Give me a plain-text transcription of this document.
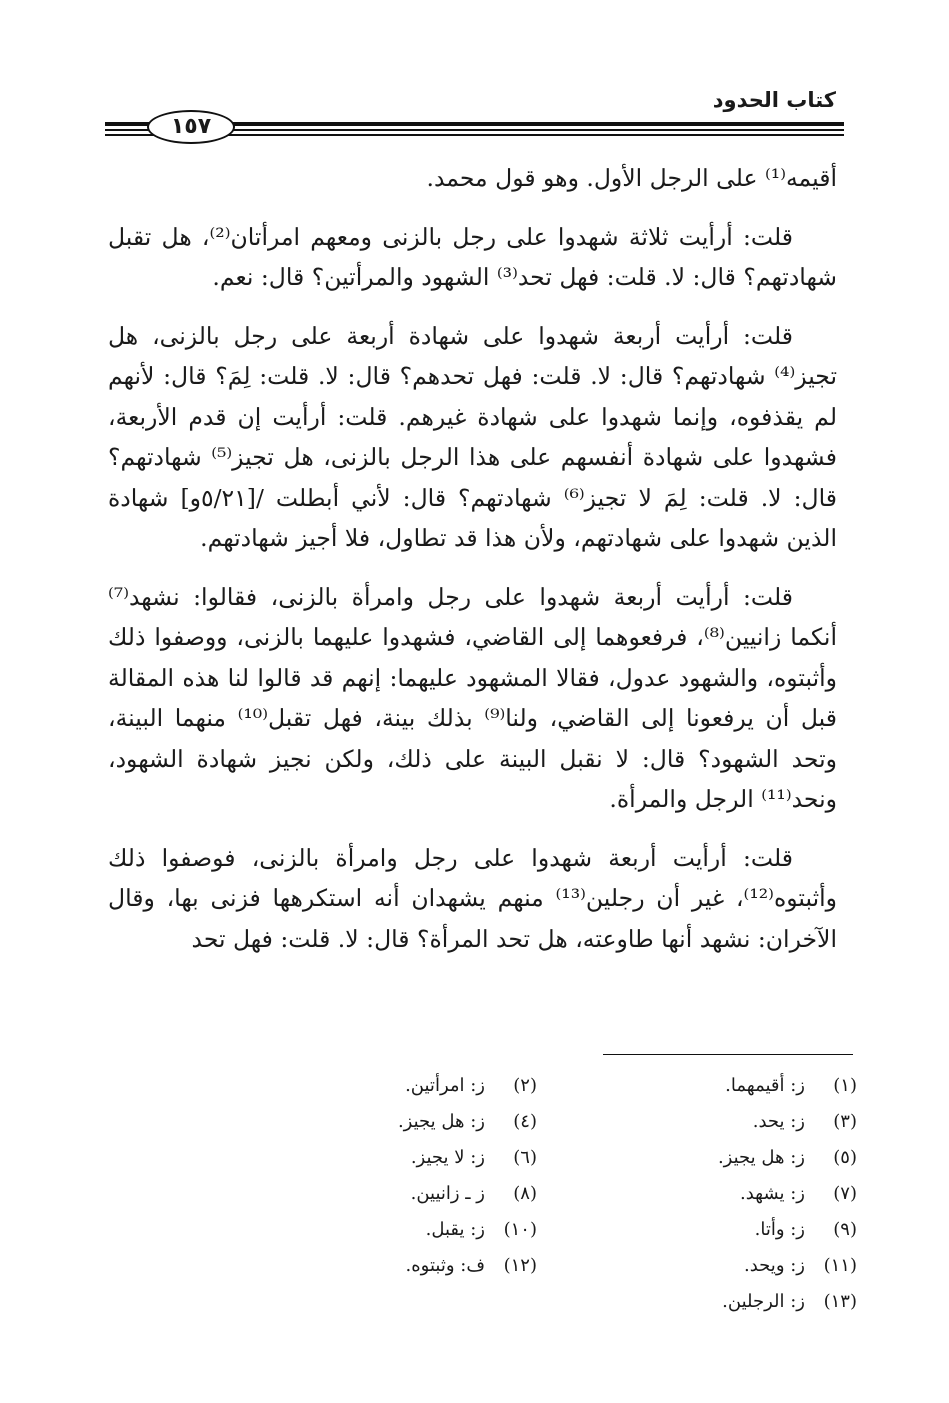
كتاب الحدود
١٥٧

أقيمه⁽¹⁾ على الرجل الأول. وهو قول محمد.

قلت: أرأيت ثلاثة شهدوا على رجل بالزنى ومعهم امرأتان⁽²⁾، هل تقبل شهادتهم؟ قال: لا. قلت: فهل تحد⁽³⁾ الشهود والمرأتين؟ قال: نعم.

قلت: أرأيت أربعة شهدوا على شهادة أربعة على رجل بالزنى، هل تجيز⁽⁴⁾ شهادتهم؟ قال: لا. قلت: فهل تحدهم؟ قال: لا. قلت: لِمَ؟ قال: لأنهم لم يقذفوه، وإنما شهدوا على شهادة غيرهم. قلت: أرأيت إن قدم الأربعة، فشهدوا على شهادة أنفسهم على هذا الرجل بالزنى، هل تجيز⁽⁵⁾ شهادتهم؟ قال: لا. قلت: لِمَ لا تجيز⁽⁶⁾ شهادتهم؟ قال: لأني أبطلت /[٥/٢١و] شهادة الذين شهدوا على شهادتهم، ولأن هذا قد تطاول، فلا أجيز شهادتهم.

قلت: أرأيت أربعة شهدوا على رجل وامرأة بالزنى، فقالوا: نشهد⁽⁷⁾ أنكما زانيين⁽⁸⁾، فرفعوهما إلى القاضي، فشهدوا عليهما بالزنى، ووصفوا ذلك وأثبتوه، والشهود عدول، فقالا المشهود عليهما: إنهم قد قالوا لنا هذه المقالة قبل أن يرفعونا إلى القاضي، ولنا⁽⁹⁾ بذلك بينة، فهل تقبل⁽¹⁰⁾ منهما البينة، وتحد الشهود؟ قال: لا نقبل البينة على ذلك، ولكن نجيز شهادة الشهود، ونحد⁽¹¹⁾ الرجل والمرأة.

قلت: أرأيت أربعة شهدوا على رجل وامرأة بالزنى، فوصفوا ذلك وأثبتوه⁽¹²⁾، غير أن رجلين⁽¹³⁾ منهم يشهدان أنه استكرهها فزنى بها، وقال الآخران: نشهد أنها طاوعته، هل تحد المرأة؟ قال: لا. قلت: فهل تحد

(١)ز: أقيمهما.
(٢)ز: امرأتين.
(٣)ز: يحد.
(٤)ز: هل يجيز.
(٥)ز: هل يجيز.
(٦)ز: لا يجيز.
(٧)ز: يشهد.
(٨)ز ـ زانيين.
(٩)ز: وأتا.
(١٠)ز: يقبل.
(١١)ز: ويحد.
(١٢)ف: وثبتوه.
(١٣)ز: الرجلين.
